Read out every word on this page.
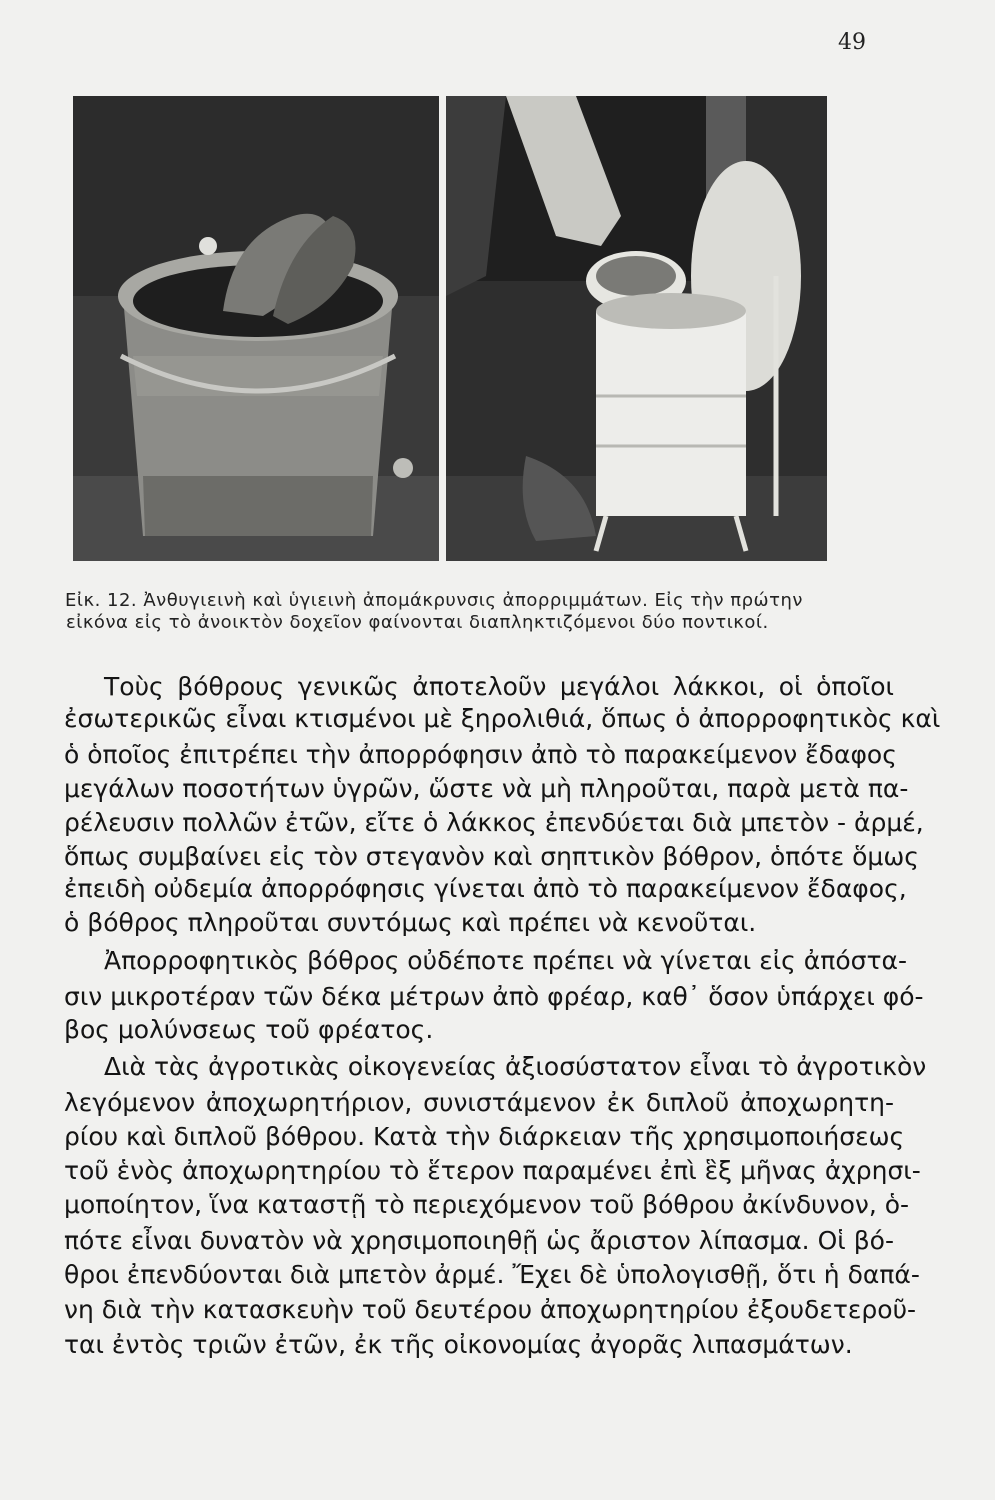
49
Εἰκ. 12. Ἀνθυγιεινὴ καὶ ὑγιεινὴ ἀπομάκρυνσις ἀπορριμμάτων. Εἰς τὴν πρώτην
εἰκόνα εἰς τὸ ἀνοικτὸν δοχεῖον φαίνονται διαπληκτιζόμενοι δύο ποντικοί.
Τοὺς βόθρους γενικῶς ἀποτελοῦν μεγάλοι λάκκοι, οἱ ὁποῖοι
ἐσωτερικῶς εἶναι κτισμένοι μὲ ξηρολιθιά, ὅπως ὁ ἀπορροφητικὸς καὶ
ὁ ὁποῖος ἐπιτρέπει τὴν ἀπορρόφησιν ἀπὸ τὸ παρακείμενον ἔδαφος
μεγάλων ποσοτήτων ὑγρῶν, ὥστε νὰ μὴ πληροῦται, παρὰ μετὰ πα-
ρέλευσιν πολλῶν ἐτῶν, εἴτε ὁ λάκκος ἐπενδύεται διὰ μπετὸν - ἀρμέ,
ὅπως συμβαίνει εἰς τὸν στεγανὸν καὶ σηπτικὸν βόθρον, ὁπότε ὅμως
ἐπειδὴ οὐδεμία ἀπορρόφησις γίνεται ἀπὸ τὸ παρακείμενον ἔδαφος,
ὁ βόθρος πληροῦται συντόμως καὶ πρέπει νὰ κενοῦται.
Ἀπορροφητικὸς βόθρος οὐδέποτε πρέπει νὰ γίνεται εἰς ἀπόστα-
σιν μικροτέραν τῶν δέκα μέτρων ἀπὸ φρέαρ, καθ᾿ ὅσον ὑπάρχει φό-
βος μολύνσεως τοῦ φρέατος.
Διὰ τὰς ἀγροτικὰς οἰκογενείας ἀξιοσύστατον εἶναι τὸ ἀγροτικὸν
λεγόμενον ἀποχωρητήριον, συνιστάμενον ἐκ διπλοῦ ἀποχωρητη-
ρίου καὶ διπλοῦ βόθρου. Κατὰ τὴν διάρκειαν τῆς χρησιμοποιήσεως
τοῦ ἑνὸς ἀποχωρητηρίου τὸ ἕτερον παραμένει ἐπὶ ἓξ μῆνας ἀχρησι-
μοποίητον, ἵνα καταστῇ τὸ περιεχόμενον τοῦ βόθρου ἀκίνδυνον, ὁ-
πότε εἶναι δυνατὸν νὰ χρησιμοποιηθῇ ὡς ἄριστον λίπασμα. Οἱ βό-
θροι ἐπενδύονται διὰ μπετὸν ἀρμέ. Ἔχει δὲ ὑπολογισθῇ, ὅτι ἡ δαπά-
νη διὰ τὴν κατασκευὴν τοῦ δευτέρου ἀποχωρητηρίου ἐξουδετεροῦ-
ται ἐντὸς τριῶν ἐτῶν, ἐκ τῆς οἰκονομίας ἀγορᾶς λιπασμάτων.
